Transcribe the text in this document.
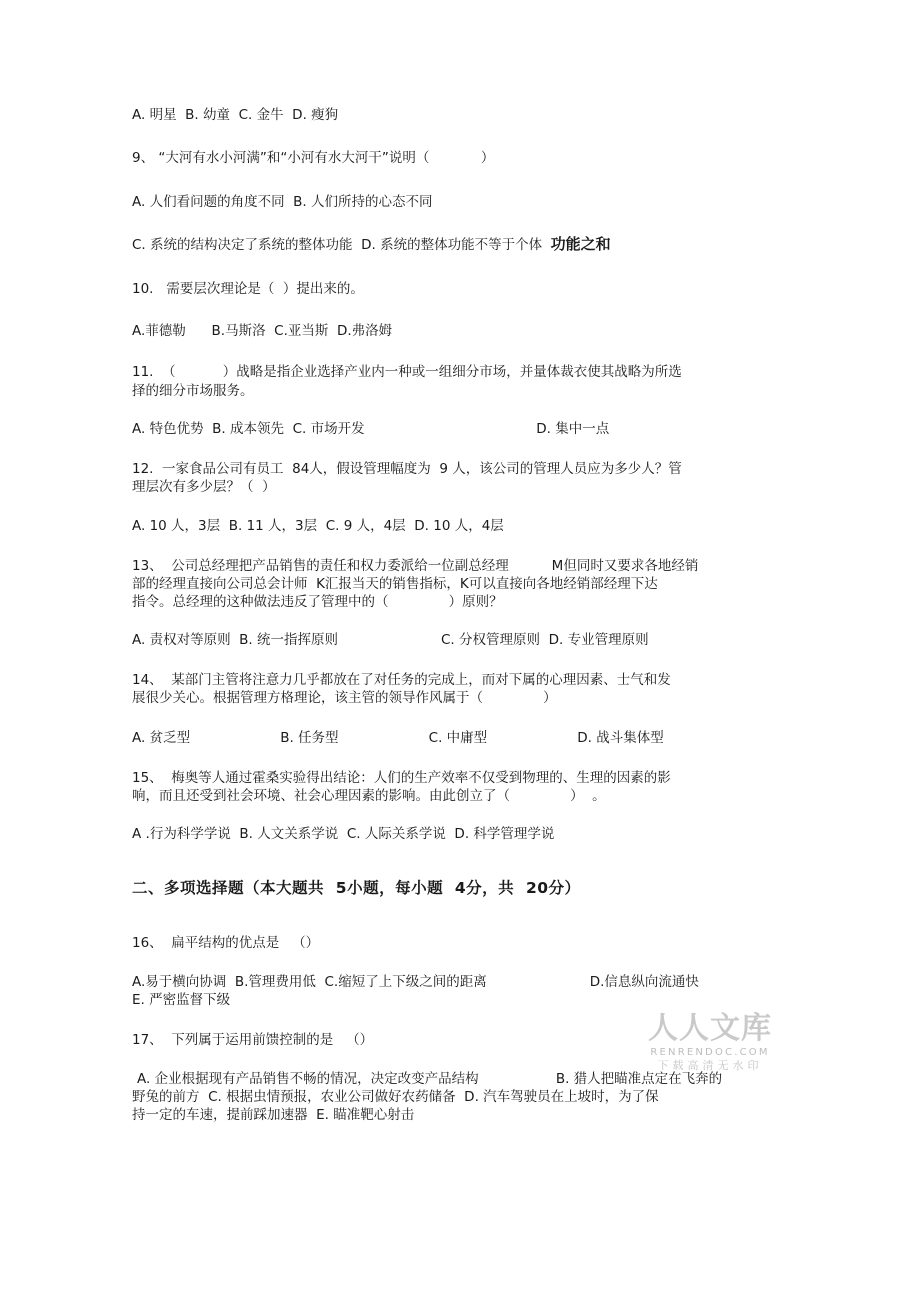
A. 明星  B. 幼童  C. 金牛  D. 瘦狗
9、 “大河有水小河满”和“小河有水大河干”说明（            ）
A. 人们看问题的角度不同  B. 人们所持的心态不同
C. 系统的结构决定了系统的整体功能  D. 系统的整体功能不等于个体  功能之和
10.   需要层次理论是（  ）提出来的。
A.菲德勒      B.马斯洛  C.亚当斯  D.弗洛姆
11.  （           ）战略是指企业选择产业内一种或一组细分市场，并量体裁衣使其战略为所选
择的细分市场服务。
A. 特色优势  B. 成本领先  C. 市场开发                                        D. 集中一点
12.  一家食品公司有员工  84人，假设管理幅度为  9 人，该公司的管理人员应为多少人？管
理层次有多少层？（  ）
A. 10 人，3层  B. 11 人，3层  C. 9 人，4层  D. 10 人，4层
13、  公司总经理把产品销售的责任和权力委派给一位副总经理          M但同时又要求各地经销
部的经理直接向公司总会计师  K汇报当天的销售指标，K可以直接向各地经销部经理下达
指令。总经理的这种做法违反了管理中的（              ）原则？
A. 责权对等原则  B. 统一指挥原则                        C. 分权管理原则  D. 专业管理原则
14、  某部门主管将注意力几乎都放在了对任务的完成上，而对下属的心理因素、士气和发
展很少关心。根据管理方格理论，该主管的领导作风属于（              ）
A. 贫乏型                     B. 任务型                     C. 中庸型                     D. 战斗集体型
15、  梅奥等人通过霍桑实验得出结论：人们的生产效率不仅受到物理的、生理的因素的影
响，而且还受到社会环境、社会心理因素的影响。由此创立了（              ）  。
A .行为科学学说  B. 人文关系学说  C. 人际关系学说  D. 科学管理学说
二、多项选择题（本大题共  5小题，每小题  4分，共  20分）
16、  扁平结构的优点是   （）
A.易于横向协调  B.管理费用低  C.缩短了上下级之间的距离                        D.信息纵向流通快
E. 严密监督下级
17、  下列属于运用前馈控制的是   （）
A. 企业根据现有产品销售不畅的情况，决定改变产品结构                  B. 猎人把瞄准点定在飞奔的
野兔的前方  C. 根据虫情预报，农业公司做好农药储备  D. 汽车驾驶员在上坡时，为了保
持一定的车速，提前踩加速器  E. 瞄准靶心射击
人人文库
RENRENDOC.COM
下载高清无水印
